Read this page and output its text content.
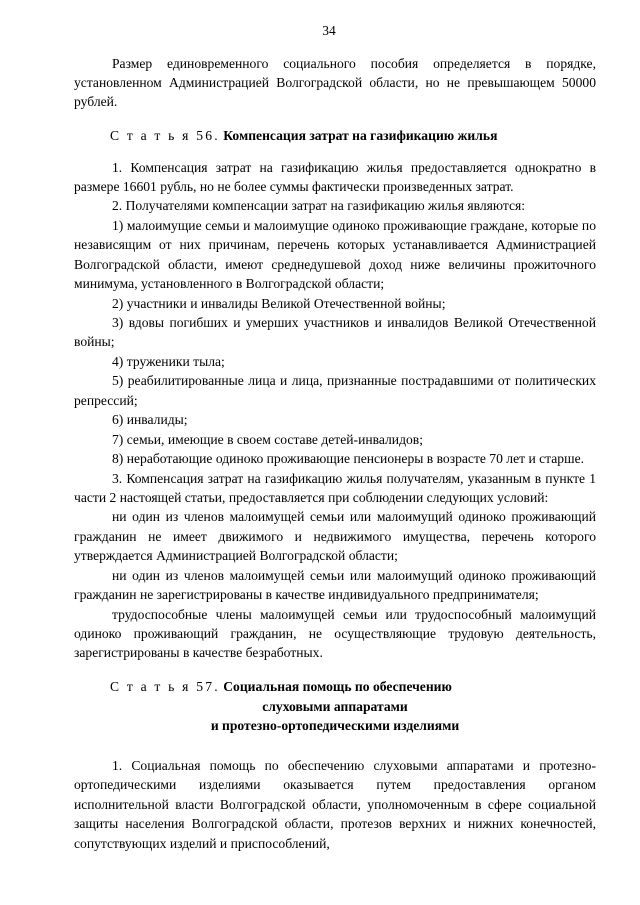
34

Размер единовременного социального пособия определяется в порядке, установленном Администрацией Волгоградской области, но не превышающем 50000 рублей.

С т а т ь я 56. Компенсация затрат на газификацию жилья

1. Компенсация затрат на газификацию жилья предоставляется однократно в размере 16601 рубль, но не более суммы фактически произведенных затрат.

2. Получателями компенсации затрат на газификацию жилья являются:

1) малоимущие семьи и малоимущие одиноко проживающие граждане, которые по независящим от них причинам, перечень которых устанавливается Администрацией Волгоградской области, имеют среднедушевой доход ниже величины прожиточного минимума, установленного в Волгоградской области;

2) участники и инвалиды Великой Отечественной войны;

3) вдовы погибших и умерших участников и инвалидов Великой Отечественной войны;

4) труженики тыла;

5) реабилитированные лица и лица, признанные пострадавшими от политических репрессий;

6) инвалиды;

7) семьи, имеющие в своем составе детей-инвалидов;

8) неработающие одиноко проживающие пенсионеры в возрасте 70 лет и старше.

3. Компенсация затрат на газификацию жилья получателям, указанным в пункте 1 части 2 настоящей статьи, предоставляется при соблюдении следующих условий:

ни один из членов малоимущей семьи или малоимущий одиноко проживающий гражданин не имеет движимого и недвижимого имущества, перечень которого утверждается Администрацией Волгоградской области;

ни один из членов малоимущей семьи или малоимущий одиноко проживающий гражданин не зарегистрированы в качестве индивидуального предпринимателя;

трудоспособные члены малоимущей семьи или трудоспособный малоимущий одиноко проживающий гражданин, не осуществляющие трудовую деятельность, зарегистрированы в качестве безработных.

С т а т ь я 57. Социальная помощь по обеспечению

слуховыми аппаратами

и протезно-ортопедическими изделиями

1. Социальная помощь по обеспечению слуховыми аппаратами и протезно-ортопедическими изделиями оказывается путем предоставления органом исполнительной власти Волгоградской области, уполномоченным в сфере социальной защиты населения Волгоградской области, протезов верхних и нижних конечностей, сопутствующих изделий и приспособлений,
